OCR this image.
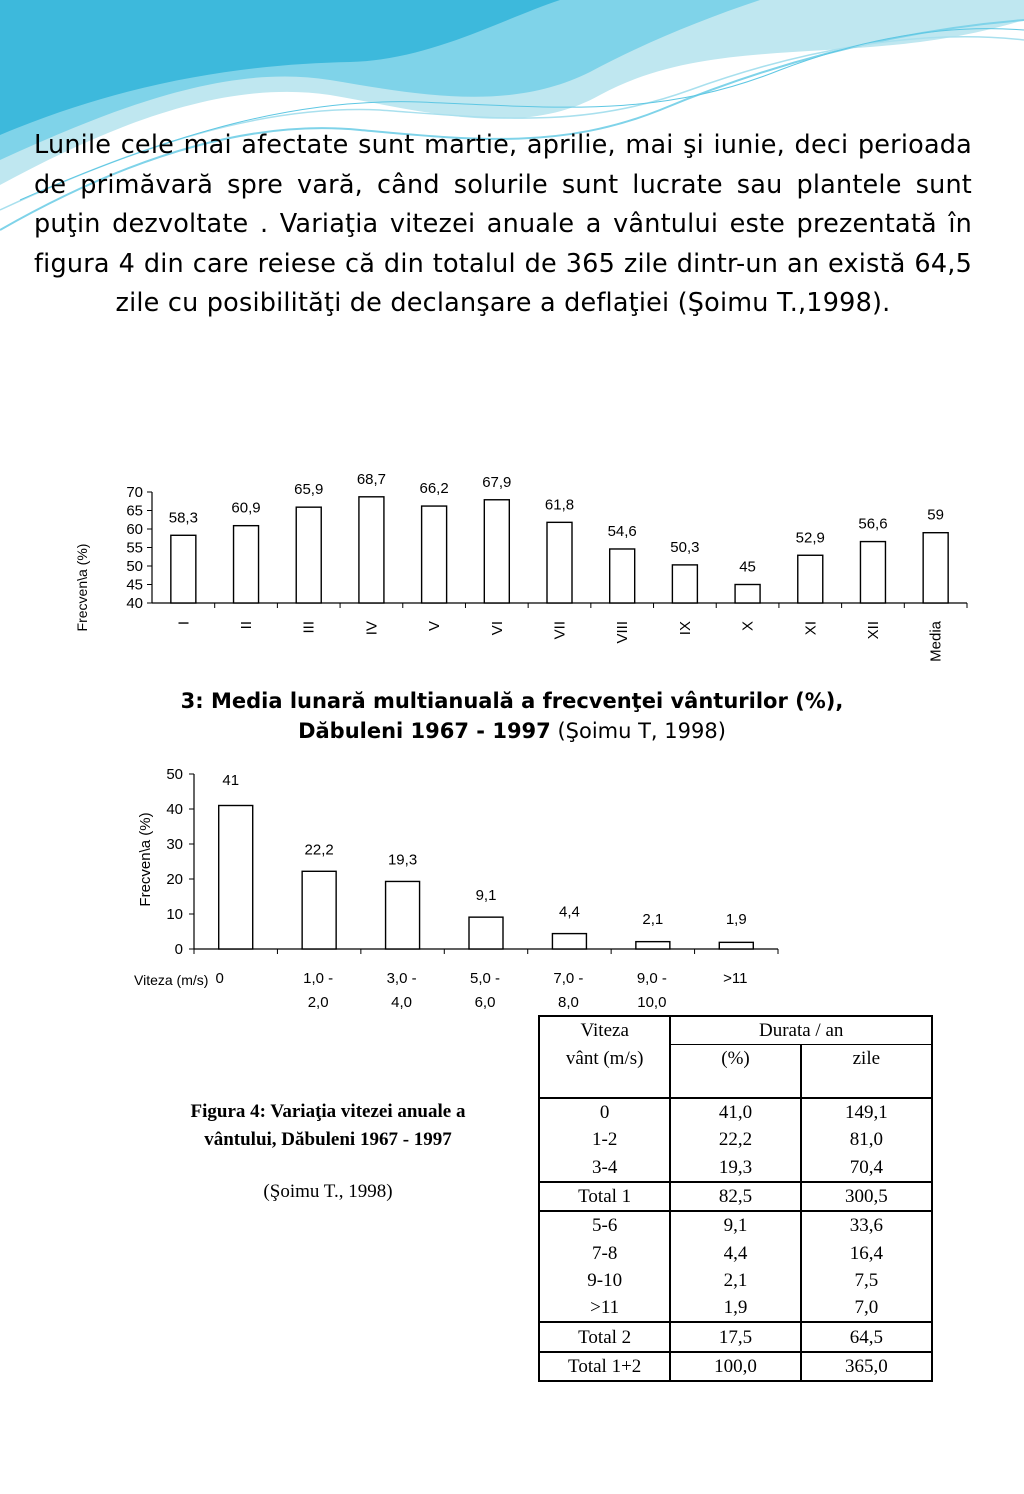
Lunile cele mai afectate sunt martie, aprilie, mai şi iunie, deci perioada de primăvară spre vară, când solurile sunt lucrate sau plantele sunt puţin dezvoltate . Variaţia vitezei anuale a vântului este prezentată în figura 4 din care reiese că din totalul de 365 zile dintr-un an există 64,5 zile cu posibilităţi de declanşare a deflaţiei (Şoimu T.,1998).

40
45
50
55
60
65
70
Frecven\a (%)
58,3
I
60,9
II
65,9
III
68,7
IV
66,2
V
67,9
VI
61,8
VII
54,6
VIII
50,3
IX
45
X
52,9
XI
56,6
XII
59
Media
3: Media lunară multianuală a frecvenţei vânturilor (%),
Dăbuleni 1967 - 1997 (Şoimu T, 1998)
0
10
20
30
40
50
Frecven\a (%)
Viteza (m/s)
41
0
22,2
1,0 -
2,0
19,3
3,0 -
4,0
9,1
5,0 -
6,0
4,4
7,0 -
8,0
2,1
9,0 -
10,0
1,9
>11
Figura 4: Variaţia vitezei anuale a vântului, Dăbuleni 1967 - 1997
(Şoimu T., 1998)
Viteza	Durata / an	
vânt (m/s)	(%)	zile
0	41,0	149,1
1-2	22,2	81,0
3-4	19,3	70,4
Total 1	82,5	300,5
5-6	9,1	33,6
7-8	4,4	16,4
9-10	2,1	7,5
>11	1,9	7,0
Total 2	17,5	64,5
Total 1+2	100,0	365,0
